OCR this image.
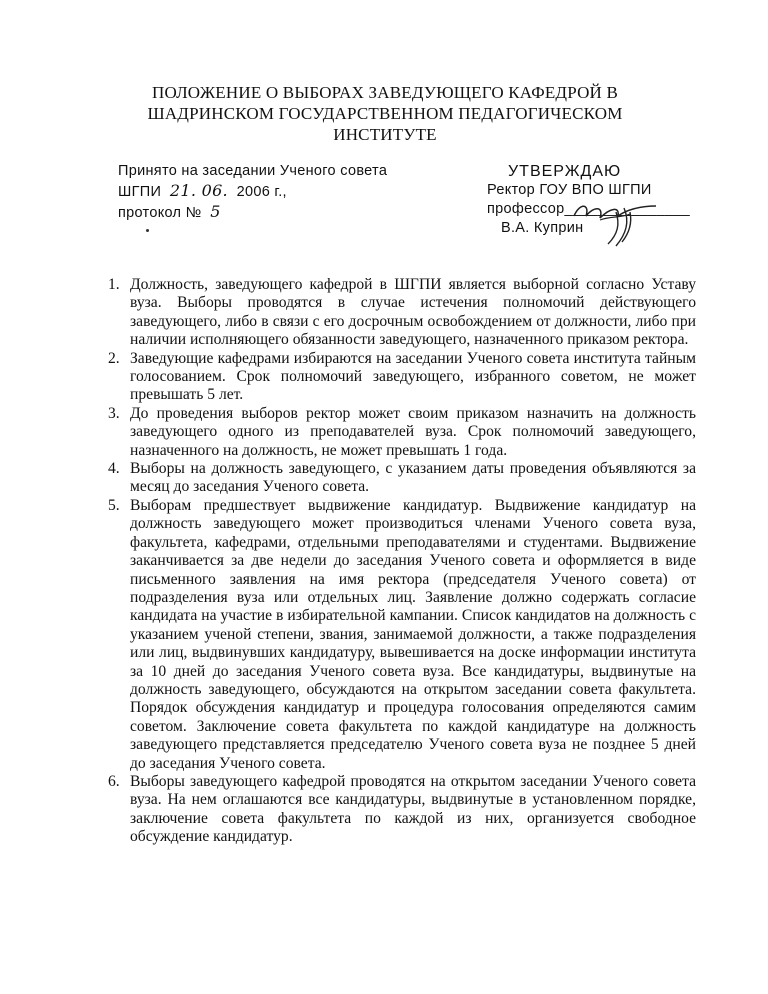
ПОЛОЖЕНИЕ О ВЫБОРАХ ЗАВЕДУЮЩЕГО КАФЕДРОЙ В
ШАДРИНСКОМ ГОСУДАРСТВЕННОМ ПЕДАГОГИЧЕСКОМ
ИНСТИТУТЕ
Принято на заседании Ученого совета
ШГПИ 21. 06. 2006 г.,
протокол № 5
УТВЕРЖДАЮ
Ректор ГОУ ВПО ШГПИ
профессор_______________
В.А. Куприн
1. Должность, заведующего кафедрой в ШГПИ является выборной согласно Уставу вуза. Выборы проводятся в случае истечения полномочий действующего заведующего, либо в связи с его досрочным освобождением от должности, либо при наличии исполняющего обязанности заведующего, назначенного приказом ректора.
2. Заведующие кафедрами избираются на заседании Ученого совета института тайным голосованием. Срок полномочий заведующего, избранного советом, не может превышать 5 лет.
3. До проведения выборов ректор может своим приказом назначить на должность заведующего одного из преподавателей вуза. Срок полномочий заведующего, назначенного на должность, не может превышать 1 года.
4. Выборы на должность заведующего, с указанием даты проведения объявляются за месяц до заседания Ученого совета.
5. Выборам предшествует выдвижение кандидатур. Выдвижение кандидатур на должность заведующего может производиться членами Ученого совета вуза, факультета, кафедрами, отдельными преподавателями и студентами. Выдвижение заканчивается за две недели до заседания Ученого совета и оформляется в виде письменного заявления на имя ректора (председателя Ученого совета) от подразделения вуза или отдельных лиц. Заявление должно содержать согласие кандидата на участие в избирательной кампании. Список кандидатов на должность с указанием ученой степени, звания, занимаемой должности, а также подразделения или лиц, выдвинувших кандидатуру, вывешивается на доске информации института за 10 дней до заседания Ученого совета вуза. Все кандидатуры, выдвинутые на должность заведующего, обсуждаются на открытом заседании совета факультета. Порядок обсуждения кандидатур и процедура голосования определяются самим советом. Заключение совета факультета по каждой кандидатуре на должность заведующего представляется председателю Ученого совета вуза не позднее 5 дней до заседания Ученого совета.
6. Выборы заведующего кафедрой проводятся на открытом заседании Ученого совета вуза. На нем оглашаются все кандидатуры, выдвинутые в установленном порядке, заключение совета факультета по каждой из них, организуется свободное обсуждение кандидатур.
